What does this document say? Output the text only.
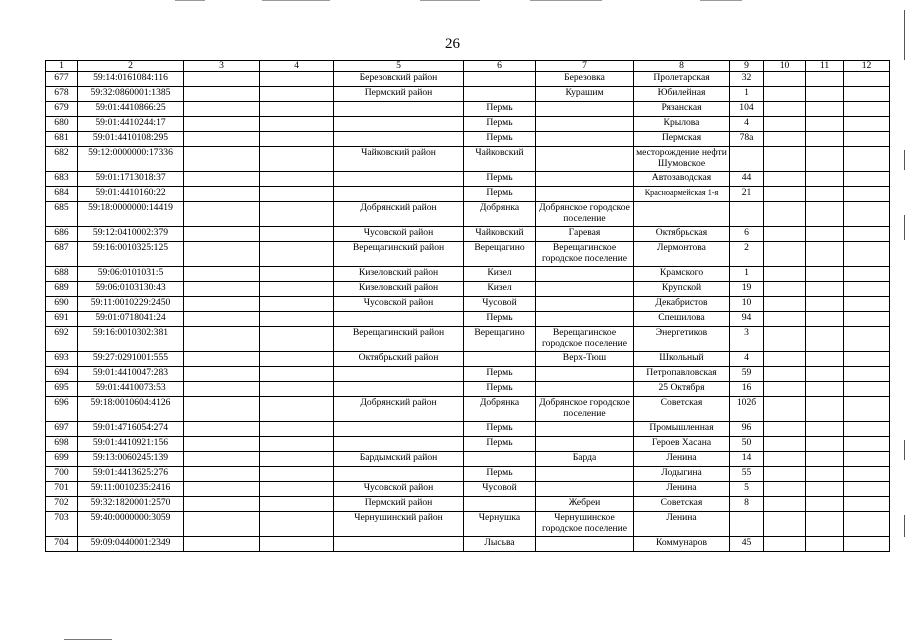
26
1	2	3	4	5	6	7	8	9	10	11	12
677	59:14:0161084:116			Березовский район		Березовка	Пролетарская	32			
678	59:32:0860001:1385			Пермский район		Курашим	Юбилейная	1			
679	59:01:4410866:25				Пермь		Рязанская	104			
680	59:01:4410244:17				Пермь		Крылова	4			
681	59:01:4410108:295				Пермь		Пермская	78а			
682	59:12:0000000:17336			Чайковский район	Чайковский		месторождение нефти Шумовское				
683	59:01:1713018:37				Пермь		Автозаводская	44			
684	59:01:4410160:22				Пермь		Красноармейская 1-я	21			
685	59:18:0000000:14419			Добрянский район	Добрянка	Добрянское городское поселение					
686	59:12:0410002:379			Чусовской район	Чайковский	Гаревая	Октябрьская	6			
687	59:16:0010325:125			Верещагинский район	Верещагино	Верещагинское городское поселение	Лермонтова	2			
688	59:06:0101031:5			Кизеловский район	Кизел		Крамского	1			
689	59:06:0103130:43			Кизеловский район	Кизел		Крупской	19			
690	59:11:0010229:2450			Чусовской район	Чусовой		Декабристов	10			
691	59:01:0718041:24				Пермь		Спешилова	94			
692	59:16:0010302:381			Верещагинский район	Верещагино	Верещагинское городское поселение	Энергетиков	3			
693	59:27:0291001:555			Октябрьский район		Верх-Тюш	Школьный	4			
694	59:01:4410047:283				Пермь		Петропавловская	59			
695	59:01:4410073:53				Пермь		25 Октября	16			
696	59:18:0010604:4126			Добрянский район	Добрянка	Добрянское городское поселение	Советская	102б			
697	59:01:4716054:274				Пермь		Промышленная	96			
698	59:01:4410921:156				Пермь		Героев Хасана	50			
699	59:13:0060245:139			Бардымский район		Барда	Ленина	14			
700	59:01:4413625:276				Пермь		Лодыгина	55			
701	59:11:0010235:2416			Чусовской район	Чусовой		Ленина	5			
702	59:32:1820001:2570			Пермский район		Жебреи	Советская	8			
703	59:40:0000000:3059			Чернушинский район	Чернушка	Чернушинское городское поселение	Ленина				
704	59:09:0440001:2349				Лысьва		Коммунаров	45			
